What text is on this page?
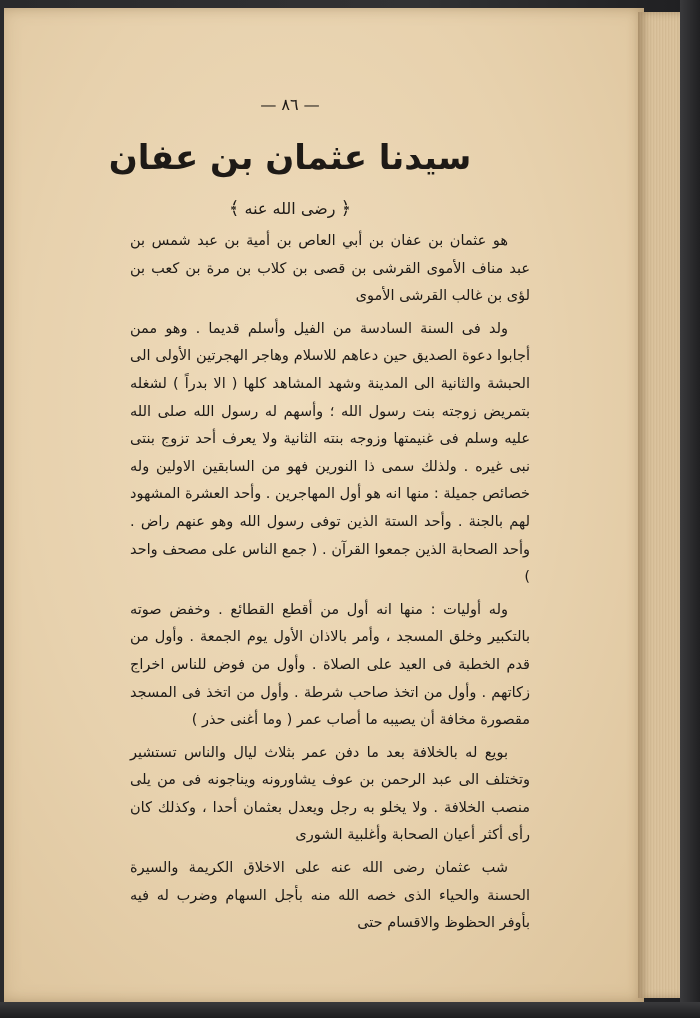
— ٨٦ —
سيدنا عثمان بن عفان
﴿ رضى الله عنه ﴾

هو عثمان بن عفان بن أبي العاص بن أمية بن عبد شمس بن عبد مناف الأموى القرشى بن قصى بن كلاب بن مرة بن كعب بن لؤى بن غالب القرشى الأموى

ولد فى السنة السادسة من الفيل وأسلم قديما . وهو ممن أجابوا دعوة الصديق حين دعاهم للاسلام وهاجر الهجرتين الأولى الى الحبشة والثانية الى المدينة وشهد المشاهد كلها ( الا بدراً ) لشغله بتمريض زوجته بنت رسول الله ؛ وأسهم له رسول الله صلى الله عليه وسلم فى غنيمتها وزوجه بنته الثانية ولا يعرف أحد تزوج بنتى نبى غيره . ولذلك سمى ذا النورين فهو من السابقين الاولين وله خصائص جميلة : منها انه هو أول المهاجرين . وأحد العشرة المشهود لهم بالجنة . وأحد الستة الذين توفى رسول الله وهو عنهم راض . وأحد الصحابة الذين جمعوا القرآن . ( جمع الناس على مصحف واحد )

وله أوليات : منها انه أول من أقطع القطائع . وخفض صوته بالتكبير وخلق المسجد ، وأمر بالاذان الأول يوم الجمعة . وأول من قدم الخطبة فى العيد على الصلاة . وأول من فوض للناس اخراج زكاتهم . وأول من اتخذ صاحب شرطة . وأول من اتخذ فى المسجد مقصورة مخافة أن يصيبه ما أصاب عمر ( وما أغنى حذر )

بويع له بالخلافة بعد ما دفن عمر بثلاث ليال والناس تستشير وتختلف الى عبد الرحمن بن عوف يشاورونه ويناجونه فى من يلى منصب الخلافة . ولا يخلو به رجل ويعدل بعثمان أحدا ، وكذلك كان رأى أكثر أعيان الصحابة وأغلبية الشورى

شب عثمان رضى الله عنه على الاخلاق الكريمة والسيرة الحسنة والحياء الذى خصه الله منه بأجل السهام وضرب له فيه بأوفر الحظوظ والاقسام حتى
